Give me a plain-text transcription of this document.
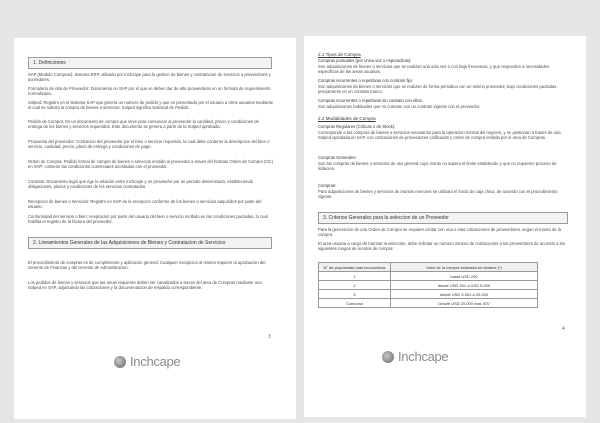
1. Definiciones
SAP (Modulo Compras): Sistema ERP utilizado por Inchcape para la gestion de bienes y contratacion de servicios a proveedores y acreedores.
Formulario de Alta de Proveedor: Documento en SAP por el que se deben dar de alta proveedores en un formato de requerimiento normalizado.
Solped: Registro en el Sistema SAP que genera un numero de pedido y que es presentado por el usuario a otros usuarios mediante el cual se solicita la compra de bienes o servicios. Solped significa Solicitud de Pedido.
Pedido de Compra: Es un documento de compra que sirve para comunicar al proveedor la cantidad, precio y condiciones de entrega de los bienes y servicios requeridos. Este documento se genera a partir de la Solped aprobada.
Propuesta del proveedor: Cotizacion del proveedor por el bien o servicio requerido, la cual debe contener la descripcion del bien o servicio, cantidad, precio, plazo de entrega y condiciones de pago.
Orden de Compra: Pedido formal de compra de bienes o servicios emitido al proveedor a traves del formato Orden de Compra (OC) en SAP; contiene las condiciones comerciales acordadas con el proveedor.
Contrato: Documento legal que rige la relacion entre Inchcape y un proveedor por un periodo determinado, estableciendo obligaciones, plazos y condiciones de los servicios contratados.
Recepcion de bienes o servicios: Registro en SAP de la recepcion conforme de los bienes o servicios adquiridos por parte del usuario.
Conformidad del servicio o bien: Aceptacion por parte del usuario del bien o servicio recibido en las condiciones pactadas, lo cual habilita el registro de la factura del proveedor.
2. Lineamientos Generales de las Adquisiciones de Bienes y Contratacion de Servicios
El procedimiento de compras es de cumplimiento y aplicacion general. Cualquier excepcion al mismo requiere la aprobacion del Gerente de Finanzas y del Gerente de Administracion.
Los pedidos de bienes y servicios que las areas requieran deben ser canalizados a traves del area de Compras mediante una Solped en SAP, adjuntando las cotizaciones y la documentacion de respaldo correspondiente.
3
Inchcape
2.1 Tipos de Compra
Compras puntuales (por unica vez o esporadicas):
Son adquisiciones de bienes o servicios que se realizan una sola vez o con baja frecuencia, y que responden a necesidades especificas de las areas usuarias.
Compras recurrentes o repetitivas con contrato fijo:
Son adquisiciones de bienes o servicios que se realizan de forma periodica con un mismo proveedor, bajo condiciones pactadas previamente en un contrato marco.
Compras recurrentes o repetitivas sin contrato con ellos:
Son adquisiciones habituales que no cuentan con un contrato vigente con el proveedor.
2.2 Modalidades de Compra
Compras Regulares (Criticas o de Stock):
Corresponde a las compras de bienes o servicios necesarios para la operacion normal del negocio, y se gestionan a traves de una Solped aprobada en SAP, con cotizaciones de proveedores calificados y orden de compra emitida por el area de Compras.
Compras Generales:
Son las compras de bienes o servicios de uso general cuyo monto no supera el limite establecido y que no requieren proceso de licitacion.
Compras:
Para adquisiciones de bienes y servicios de montos menores se utilizara el fondo de caja chica, de acuerdo con el procedimiento vigente.
3. Criterios Generales para la seleccion de un Proveedor
Para la generacion de una Orden de Compra se requiere contar con una o mas cotizaciones de proveedores, segun el monto de la compra.
El area usuaria a cargo de tramitar la seleccion, debe solicitar un numero minimo de cotizaciones a los proveedores de acuerdo a los siguientes rangos de montos de compra:
N° de propuestas mas economicas	Valor de la compra estimada en dolares (*)
1	hasta USD 200
2	desde USD 201 a USD 5.000
3	desde USD 5.001 a 25.000
Concurso	Desde USD 25.000 mas IGV
4
Inchcape
